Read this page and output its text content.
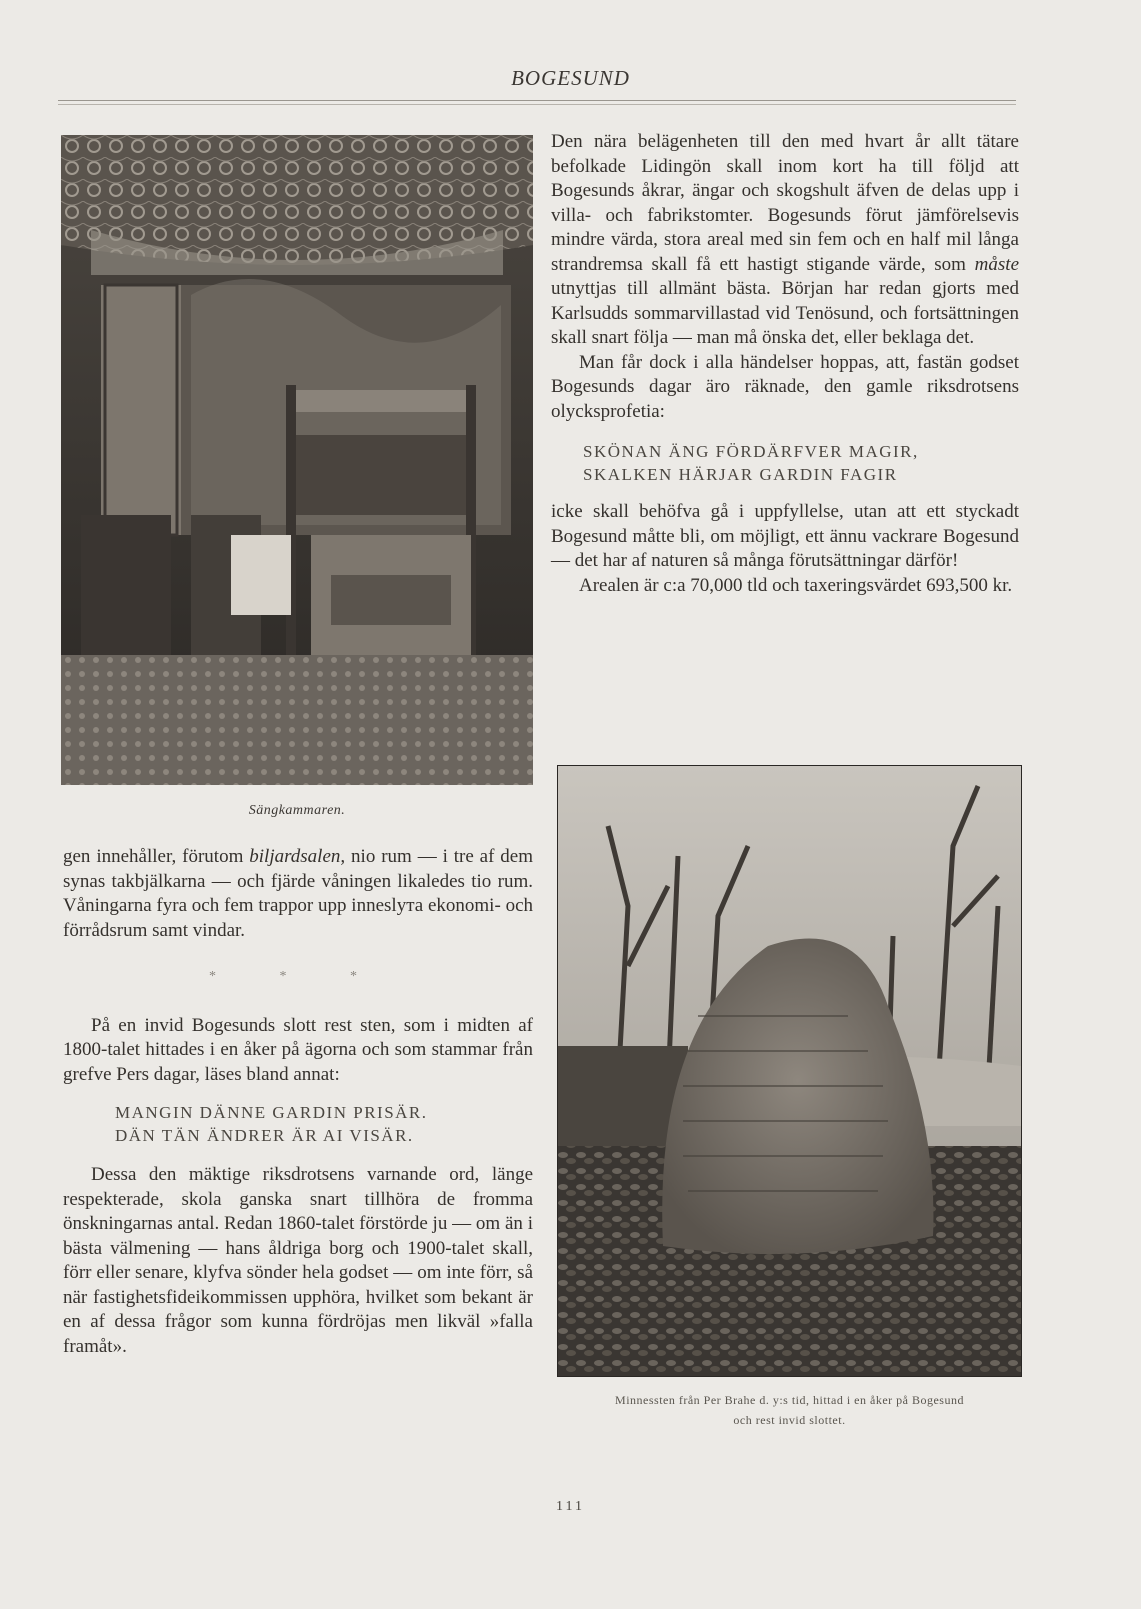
BOGESUND
Sängkammaren.

Den nära belägenheten till den med hvart år allt tätare befolkade Lidingön skall inom kort ha till följd att Bogesunds åkrar, ängar och skogshult äfven de delas upp i villa- och fabrikstomter. Bogesunds förut jämförelsevis mindre värda, stora areal med sin fem och en half mil långa strandremsa skall få ett hastigt stigande värde, som måste utnyttjas till allmänt bästa. Början har redan gjorts med Karlsudds sommarvillastad vid Tenösund, och fortsättningen skall snart följa — man må önska det, eller beklaga det.

Man får dock i alla händelser hoppas, att, fastän godset Bogesunds dagar äro räknade, den gamle riksdrotsens olycksprofetia:

SKÖNAN ÄNG FÖRDÄRFVER MAGIR,
SKALKEN HÄRJAR GARDIN FAGIR

icke skall behöfva gå i uppfyllelse, utan att ett styckadt Bogesund måtte bli, om möjligt, ett ännu vackrare Bogesund — det har af naturen så många förutsättningar därför!

Arealen är c:a 70,000 tld och taxeringsvärdet 693,500 kr.

gen innehåller, förutom biljardsalen, nio rum — i tre af dem synas takbjälkarna — och fjärde våningen likaledes tio rum. Våningarna fyra och fem trappor upp inneslута ekonomi- och förrådsrum samt vindar.

* * *

På en invid Bogesunds slott rest sten, som i midten af 1800-talet hittades i en åker på ägorna och som stammar från grefve Pers dagar, läses bland annat:

MANGIN DÄNNE GARDIN PRISÄR.
DÄN TÄN ÄNDRER ÄR AI VISÄR.

Dessa den mäktige riksdrotsens varnande ord, länge respekterade, skola ganska snart tillhöra de fromma önskningarnas antal. Redan 1860-talet förstörde ju — om än i bästa välmening — hans åldriga borg och 1900-talet skall, förr eller senare, klyfva sönder hela godset — om inte förr, så när fastighetsfideikommissen upphöra, hvilket som bekant är en af dessa frågor som kunna fördröjas men likväl »falla framåt».

Minnessten från Per Brahe d. y:s tid, hittad i en åker på Bogesund
och rest invid slottet.
111
